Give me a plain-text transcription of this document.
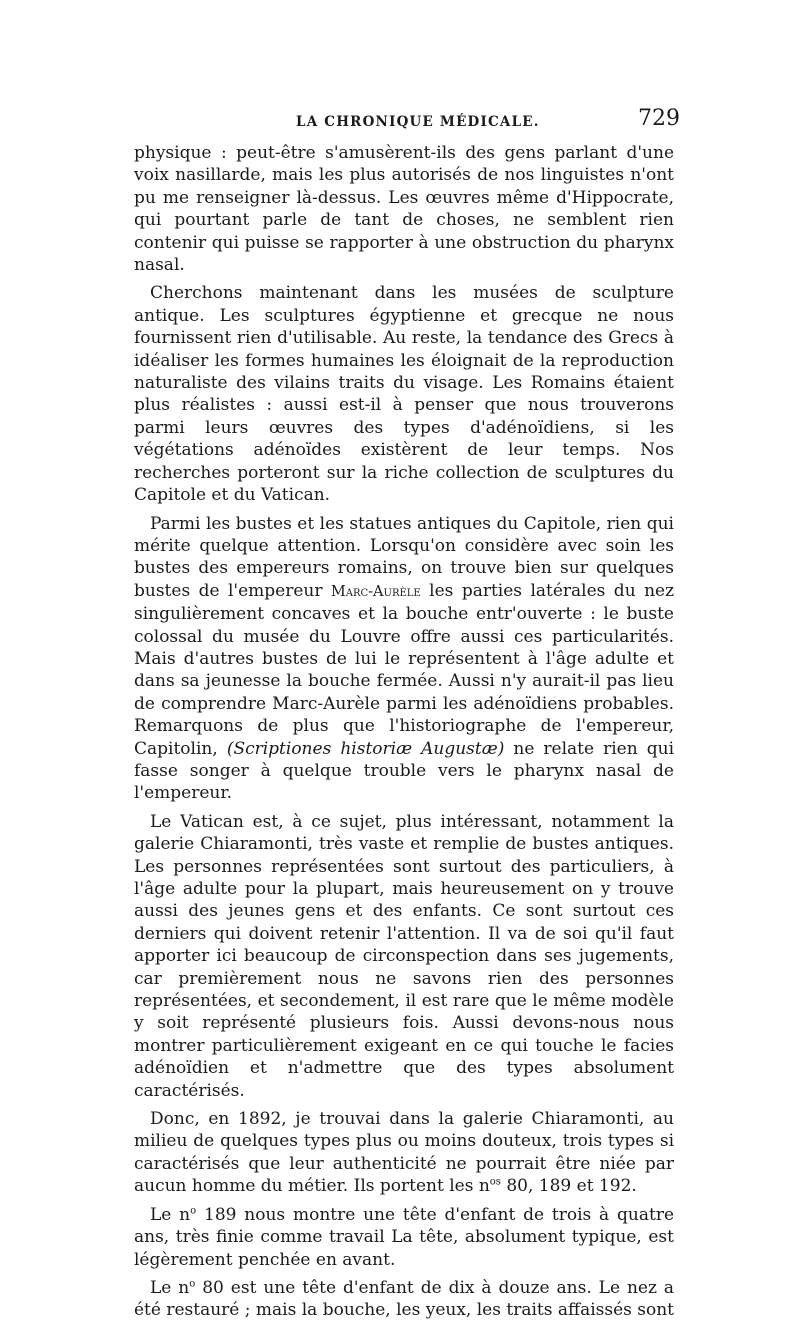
LA CHRONIQUE MÉDICALE.	729

physique : peut-être s'amusèrent-ils des gens parlant d'une voix nasillarde, mais les plus autorisés de nos linguistes n'ont pu me renseigner là-dessus. Les œuvres même d'Hippocrate, qui pourtant parle de tant de choses, ne semblent rien contenir qui puisse se rapporter à une obstruction du pharynx nasal.

Cherchons maintenant dans les musées de sculpture antique. Les sculptures égyptienne et grecque ne nous fournissent rien d'utilisable. Au reste, la tendance des Grecs à idéaliser les formes humaines les éloignait de la reproduction naturaliste des vilains traits du visage. Les Romains étaient plus réalistes : aussi est-il à penser que nous trouverons parmi leurs œuvres des types d'adénoïdiens, si les végétations adénoïdes existèrent de leur temps. Nos recherches porteront sur la riche collection de sculptures du Capitole et du Vatican.

Parmi les bustes et les statues antiques du Capitole, rien qui mérite quelque attention. Lorsqu'on considère avec soin les bustes des empereurs romains, on trouve bien sur quelques bustes de l'empereur Marc-Aurèle les parties latérales du nez singulièrement concaves et la bouche entr'ouverte : le buste colossal du musée du Louvre offre aussi ces particularités. Mais d'autres bustes de lui le représentent à l'âge adulte et dans sa jeunesse la bouche fermée. Aussi n'y aurait-il pas lieu de comprendre Marc-Aurèle parmi les adénoïdiens probables. Remarquons de plus que l'historiographe de l'empereur, Capitolin, (Scriptiones historiæ Augustæ) ne relate rien qui fasse songer à quelque trouble vers le pharynx nasal de l'empereur.

Le Vatican est, à ce sujet, plus intéressant, notamment la galerie Chiaramonti, très vaste et remplie de bustes antiques. Les personnes représentées sont surtout des particuliers, à l'âge adulte pour la plupart, mais heureusement on y trouve aussi des jeunes gens et des enfants. Ce sont surtout ces derniers qui doivent retenir l'attention. Il va de soi qu'il faut apporter ici beaucoup de circonspection dans ses jugements, car premièrement nous ne savons rien des personnes représentées, et secondement, il est rare que le même modèle y soit représenté plusieurs fois. Aussi devons-nous nous montrer particulièrement exigeant en ce qui touche le facies adénoïdien et n'admettre que des types absolument caractérisés.

Donc, en 1892, je trouvai dans la galerie Chiaramonti, au milieu de quelques types plus ou moins douteux, trois types si caractérisés que leur authenticité ne pourrait être niée par aucun homme du métier. Ils portent les $n^{os}$ 80, 189 et 192.

Le $n^o$ 189 nous montre une tête d'enfant de trois à quatre ans, très finie comme travail La tête, absolument typique, est légèrement penchée en avant.

Le $n^o$ 80 est une tête d'enfant de dix à douze ans. Le nez a été restauré ; mais la bouche, les yeux, les traits affaissés sont
